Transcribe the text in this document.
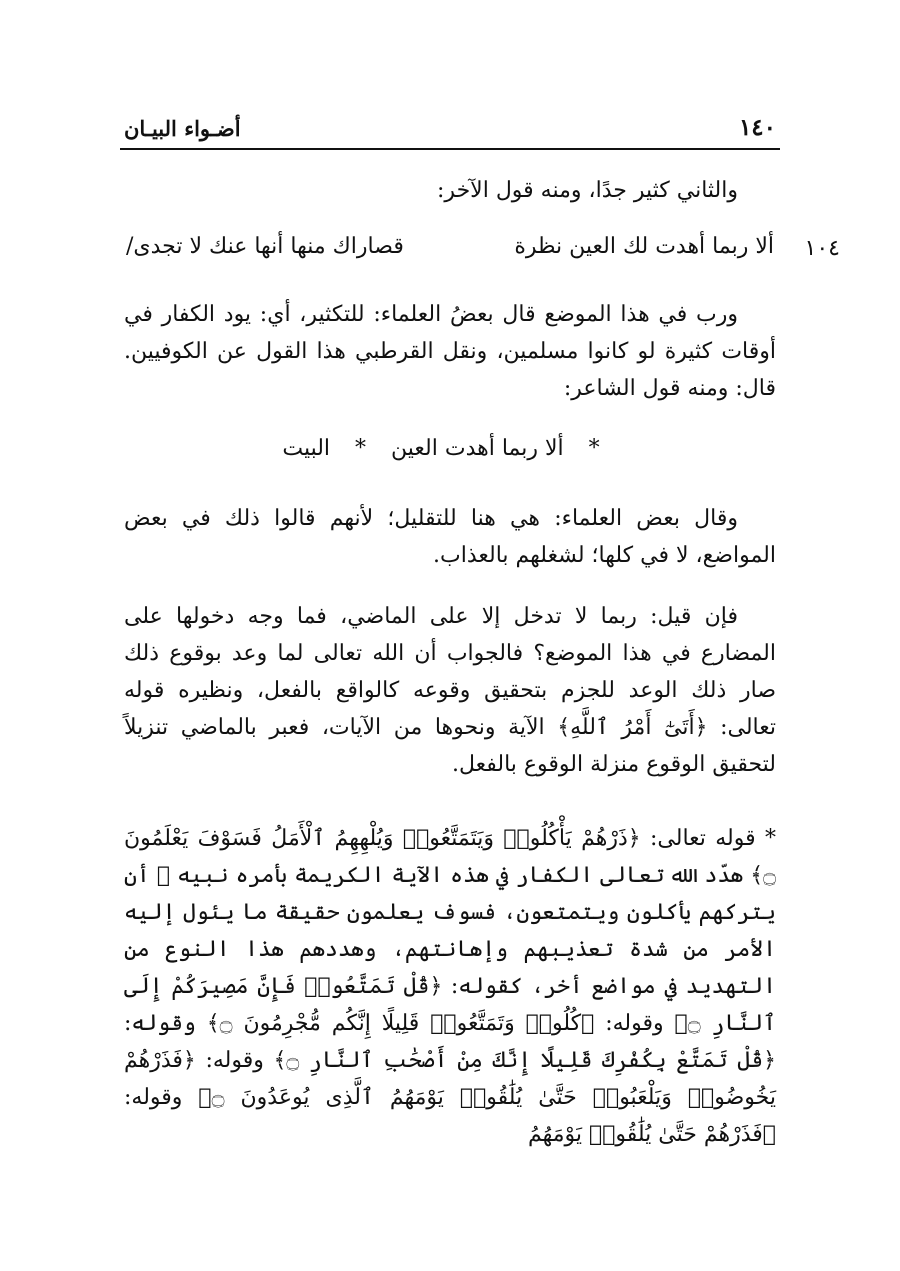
١٤٠
أضـواء البيـان
والثاني كثير جدًا، ومنه قول الآخر:
١٠٤
ألا ربما أهدت لك العين نظرة
قصاراك منها أنها عنك لا تجدى/
ورب في هذا الموضع قال بعضُ العلماء: للتكثير، أي: يود الكفار في أوقات كثيرة لو كانوا مسلمين، ونقل القرطبي هذا القول عن الكوفيين. قال: ومنه قول الشاعر:
* ألا ربما أهدت العين * البيت
وقال بعض العلماء: هي هنا للتقليل؛ لأنهم قالوا ذلك في بعض المواضع، لا في كلها؛ لشغلهم بالعذاب.
فإن قيل: ربما لا تدخل إلا على الماضي، فما وجه دخولها على المضارع في هذا الموضع؟ فالجواب أن الله تعالى لما وعد بوقوع ذلك صار ذلك الوعد للجزم بتحقيق وقوعه كالواقع بالفعل، ونظيره قوله تعالى: ﴿أَتَىٰٓ أَمْرُ ٱللَّهِ﴾ الآية ونحوها من الآيات، فعبر بالماضي تنزيلاً لتحقيق الوقوع منزلة الوقوع بالفعل.
* قوله تعالى: ﴿ذَرْهُمْ يَأْكُلُوا۟ وَيَتَمَتَّعُوا۟ وَيُلْهِهِمُ ٱلْأَمَلُ فَسَوْفَ يَعْلَمُونَ ۝﴾ هدّد الله تعالى الكفار في هذه الآية الكريمة بأمره نبيه ﷺ أن يتركهم يأكلون ويتمتعون، فسوف يعلمون حقيقة ما يئول إليه الأمر من شدة تعذيبهم وإهانتهم، وهددهم هذا النوع من التهديد في مواضع أخر، كقوله: ﴿قُلْ تَمَتَّعُوا۟ فَإِنَّ مَصِيرَكُمْ إِلَى ٱلنَّارِ ۝﴾ وقوله: ﴿كُلُوا۟ وَتَمَتَّعُوا۟ قَلِيلًا إِنَّكُم مُّجْرِمُونَ ۝﴾ وقوله: ﴿قُلْ تَمَتَّعْ بِكُفْرِكَ قَلِيلًا إِنَّكَ مِنْ أَصْحَٰبِ ٱلنَّارِ ۝﴾ وقوله: ﴿فَذَرْهُمْ يَخُوضُوا۟ وَيَلْعَبُوا۟ حَتَّىٰ يُلَٰقُوا۟ يَوْمَهُمُ ٱلَّذِى يُوعَدُونَ ۝﴾ وقوله: ﴿فَذَرْهُمْ حَتَّىٰ يُلَٰقُوا۟ يَوْمَهُمُ
